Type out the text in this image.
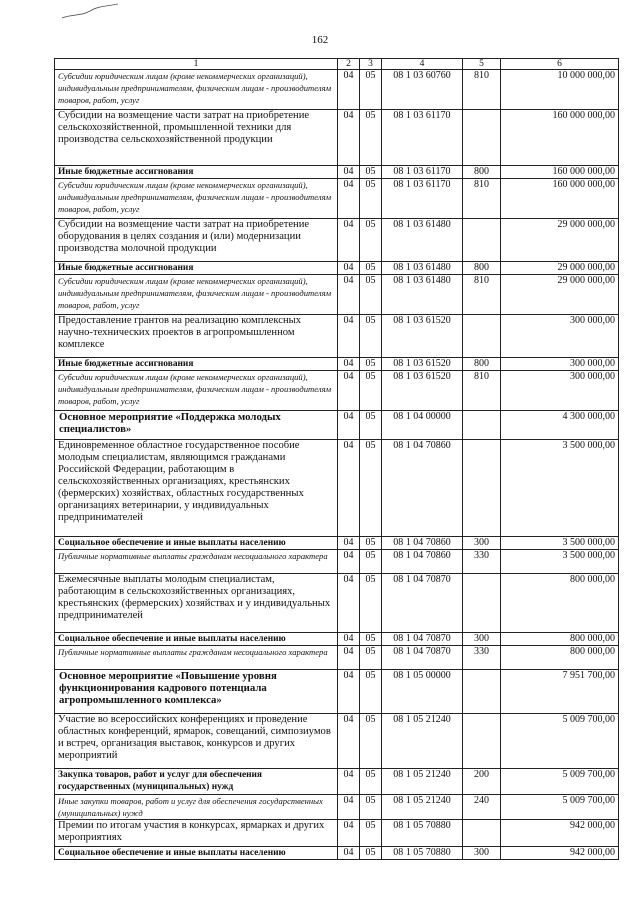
162
1	2	3	4	5	6
Субсидии юридическим лицам (кроме некоммерческих организаций), индивидуальным предпринимателям, физическим лицам - производителям товаров, работ, услуг	04	05	08 1 03 60760	810	10 000 000,00
Субсидии на возмещение части затрат на приобретение сельскохозяйственной, промышленной техники для производства сельскохозяйственной продукции	04	05	08 1 03 61170		160 000 000,00
Иные бюджетные ассигнования	04	05	08 1 03 61170	800	160 000 000,00
Субсидии юридическим лицам (кроме некоммерческих организаций), индивидуальным предпринимателям, физическим лицам - производителям товаров, работ, услуг	04	05	08 1 03 61170	810	160 000 000,00
Субсидии на возмещение части затрат на приобретение оборудования в целях создания и (или) модернизации производства молочной продукции	04	05	08 1 03 61480		29 000 000,00
Иные бюджетные ассигнования	04	05	08 1 03 61480	800	29 000 000,00
Субсидии юридическим лицам (кроме некоммерческих организаций), индивидуальным предпринимателям, физическим лицам - производителям товаров, работ, услуг	04	05	08 1 03 61480	810	29 000 000,00
Предоставление грантов на реализацию комплексных научно-технических проектов в агропромышленном комплексе	04	05	08 1 03 61520		300 000,00
Иные бюджетные ассигнования	04	05	08 1 03 61520	800	300 000,00
Субсидии юридическим лицам (кроме некоммерческих организаций), индивидуальным предпринимателям, физическим лицам - производителям товаров, работ, услуг	04	05	08 1 03 61520	810	300 000,00
Основное мероприятие «Поддержка молодых специалистов»	04	05	08 1 04 00000		4 300 000,00
Единовременное областное государственное пособие молодым специалистам, являющимся гражданами Российской Федерации, работающим в сельскохозяйственных организациях, крестьянских (фермерских) хозяйствах, областных государственных организациях ветеринарии, у индивидуальных предпринимателей	04	05	08 1 04 70860		3 500 000,00
Социальное обеспечение и иные выплаты населению	04	05	08 1 04 70860	300	3 500 000,00
Публичные нормативные выплаты гражданам несоциального характера	04	05	08 1 04 70860	330	3 500 000,00
Ежемесячные выплаты молодым специалистам, работающим в сельскохозяйственных организациях, крестьянских (фермерских) хозяйствах и у индивидуальных предпринимателей	04	05	08 1 04 70870		800 000,00
Социальное обеспечение и иные выплаты населению	04	05	08 1 04 70870	300	800 000,00
Публичные нормативные выплаты гражданам несоциального характера	04	05	08 1 04 70870	330	800 000,00
Основное мероприятие «Повышение уровня функционирования кадрового потенциала агропромышленного комплекса»	04	05	08 1 05 00000		7 951 700,00
Участие во всероссийских конференциях и проведение областных конференций, ярмарок, совещаний, симпозиумов и встреч, организация выставок, конкурсов и других мероприятий	04	05	08 1 05 21240		5 009 700,00
Закупка товаров, работ и услуг для обеспечения государственных (муниципальных) нужд	04	05	08 1 05 21240	200	5 009 700,00
Иные закупки товаров, работ и услуг для обеспечения государственных (муниципальных) нужд	04	05	08 1 05 21240	240	5 009 700,00
Премии по итогам участия в конкурсах, ярмарках и других мероприятиях	04	05	08 1 05 70880		942 000,00
Социальное обеспечение и иные выплаты населению	04	05	08 1 05 70880	300	942 000,00
